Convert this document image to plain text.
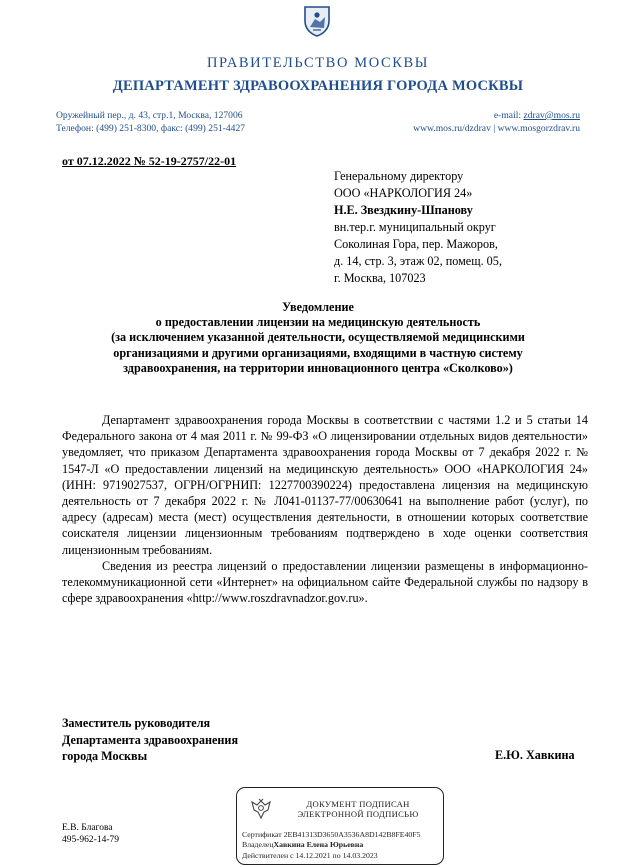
ПРАВИТЕЛЬСТВО МОСКВЫ
ДЕПАРТАМЕНТ ЗДРАВООХРАНЕНИЯ ГОРОДА МОСКВЫ
Оружейный пер., д. 43, стр.1, Москва, 127006
Телефон: (499) 251-8300, факс: (499) 251-4427
e-mail: zdrav@mos.ru
www.mos.ru/dzdrav | www.mosgorzdrav.ru
от 07.12.2022 № 52-19-2757/22-01
Генеральному директору
ООО «НАРКОЛОГИЯ 24»
Н.Е. Звездкину-Шпанову
вн.тер.г. муниципальный округ
Соколиная Гора, пер. Мажоров,
д. 14, стр. 3, этаж 02, помещ. 05,
г. Москва, 107023
Уведомление
о предоставлении лицензии на медицинскую деятельность
(за исключением указанной деятельности, осуществляемой медицинскими
организациями и другими организациями, входящими в частную систему
здравоохранения, на территории инновационного центра «Сколково»)

Департамент здравоохранения города Москвы в соответствии с частями 1.2 и 5 статьи 14 Федерального закона от 4 мая 2011 г. № 99-ФЗ «О лицензировании отдельных видов деятельности» уведомляет, что приказом Департамента здравоохранения города Москвы от 7 декабря 2022 г. № 1547-Л «О предоставлении лицензий на медицинскую деятельность» ООО «НАРКОЛОГИЯ 24» (ИНН: 9719027537, ОГРН/ОГРНИП: 1227700390224) предоставлена лицензия на медицинскую деятельность от 7 декабря 2022 г. № Л041-01137-77/00630641 на выполнение работ (услуг), по адресу (адресам) места (мест) осуществления деятельности, в отношении которых соответствие соискателя лицензии лицензионным требованиям подтверждено в ходе оценки соответствия лицензионным требованиям.

Сведения из реестра лицензий о предоставлении лицензии размещены в информационно-телекоммуникационной сети «Интернет» на официальном сайте Федеральной службы по надзору в сфере здравоохранения «http://www.roszdravnadzor.gov.ru».

Заместитель руководителя
Департамента здравоохранения
города Москвы	Е.Ю. Хавкина
Е.В. Благова
495-962-14-79
ДОКУМЕНТ ПОДПИСАН
ЭЛЕКТРОННОЙ ПОДПИСЬЮ
Сертификат 2EB41313D3650A3536A8D142B8FE40F5
ВладелецХавкина Елена Юрьевна
Действителен с 14.12.2021 по 14.03.2023
